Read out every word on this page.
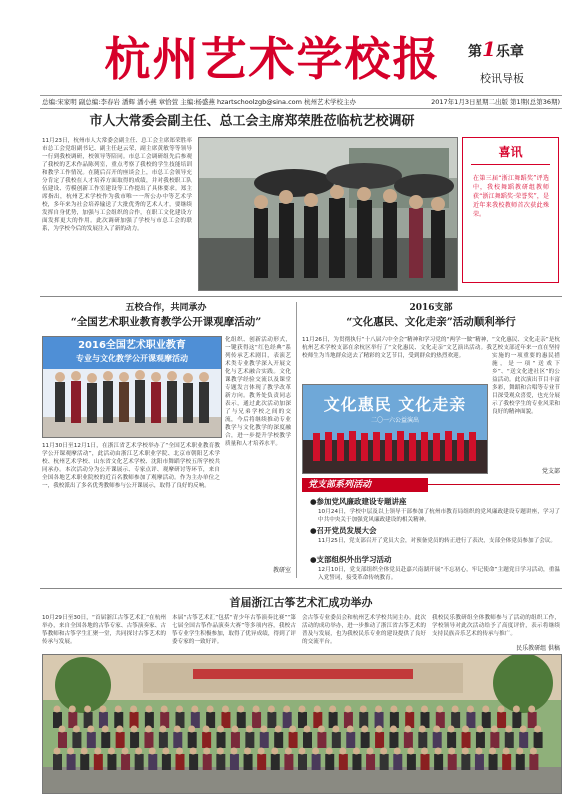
杭州艺术学校报	第1乐章
校讯导板
总编:宋家明 副总编:李春岩 潘辉 潘小燕 章恰萱 主编:杨盛燕 hzartschoolzgb@sina.com 杭州艺术学校主办	2017年1月3日星期二出版 第1期(总第36期)
市人大常委会副主任、总工会主席郑荣胜莅临杭艺校调研
11月23日，杭州市人大常委会副主任、总工会主席郑荣胜率市总工会党组副书记、副主任赵云荣，副主席黄敏等等领导一行到我校调研，校领导等陪同。市总工会调研组先后参观了我校的艺术作品陈列室，重点考察了我校的学生技能培训和教学工作情况。在随后召开的座谈会上，市总工会领导充分肯定了我校在人才培养方面取得的成绩，并对我校职工队伍建设、劳模创新工作室建设等工作提出了具体要求。郑主席指出，杭州艺术学校作为我市唯一一所公办中等艺术学校，多年来为社会培养输送了大批优秀的艺术人才，要继续发挥自身优势，加强与工会组织的合作，在职工文化建设方面发挥更大的作用。此次调研加强了学校与市总工会的联系，为学校今后的发展注入了新的动力。
喜讯
在第三届“浙江舞蹈奖”评选中，我校舞蹈教研组教师获“浙江舞蹈奖·荣誉奖”，是近年来我校教师首次获此殊荣。
五校合作，共同承办
“全国艺术职业教育教学公开课观摩活动”
2016全国艺术职业教育
专业与文化教学公开课观摩活动
11月30日至12月1日，在浙江省艺术学校举办了“全国艺术职业教育教学公开课观摩活动”，此活动由浙江艺术职业学院、北京市朝阳艺术学校、杭州艺术学校、山东省文化艺术学校、沈阳市舞蹈学校五所学校共同承办。本次活动分为公开课展示、专家点评、观摩研讨等环节，来自全国各地艺术职业院校的近百名教师参加了观摩活动。作为主办单位之一，我校派出了多名优秀教师参与公开课展示，取得了良好的反响。
化组织、创新活动形式，一键获得这“红色经典”系列传承艺术剧目，表演艺术类专业教学深入开展文化与艺术融合实践。文化课教学经验交流以及课堂专题发言体现了教学改革新方向。教务处负责同志表示，通过此次活动加深了与兄弟学校之间的交流，今后将继续推动专业教学与文化教学的深度融合，进一步提升学校教学质量和人才培养水平。
教研室
2016支部
“文化惠民、文化走亲”活动顺利举行
11月26日，为贯彻执行“十八届六中全会”精神和学习党的“两学一做”精神，杭州艺术学校支部在余杭区举行了“文化惠民、文化走亲”文艺演出活动。我校师生为当地群众送去了精彩的文艺节目，受到群众的热烈欢迎。
文化惠民 文化走亲
二〇一六公益演出
“文化惠民、文化走亲”是杭艺校支部近年来一直在坚持实施的一项重要的惠民措施，是一项“送戏下乡”、“送文化进社区”的公益活动。此次演出节目丰富多彩，舞蹈和合唱等专业节目深受观众喜爱，也充分展示了我校学生的专业风采和良好的精神面貌。
党支部
党支部系列活动
●参加党风廉政建设专题讲座
10月24日，学校中层及以上领导干部参加了杭州市教育局组织的党风廉政建设专题讲座，学习了中共中央关于加强党风廉政建设的相关精神。
●召开党员发展大会
11月25日，党支部召开了党员大会，对预备党员的转正进行了表决，支部全体党员参加了会议。
●支部组织外出学习活动
12月10日，党支部组织全体党员赴嘉兴南湖开展“不忘初心，牢记使命”主题党日学习活动，重温入党誓词，接受革命传统教育。
首届浙江古筝艺术汇成功举办
10月29日至30日，“首届浙江古筝艺术汇”在杭州举办，来自全国各地的古筝专家、古筝演奏家、古筝教师和古筝学生汇聚一堂，共同探讨古筝艺术的传承与发展。
本届“古筝艺术汇”包括“青少年古筝演奏比赛”“第七届全国古筝作品演奏大赛”等多项内容，我校古筝专业学生积极参加，取得了优异成绩，得到了评委专家的一致好评。
会古筝专业委员会和杭州艺术学校共同主办。此次活动的成功举办，进一步推动了浙江省古筝艺术的普及与发展，也为我校民乐专业的建设提供了良好的交流平台。
我校民乐教研组全体教师参与了活动的组织工作，学校领导对此次活动给予了高度评价，表示将继续支持民族音乐艺术的传承与推广。
民乐教研组 供稿
